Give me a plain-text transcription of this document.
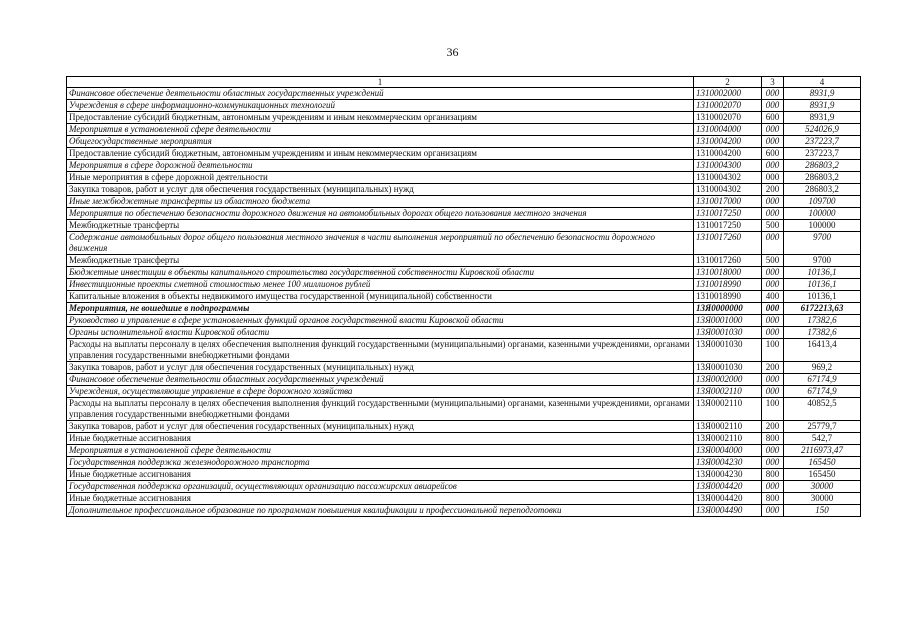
36
1	2	3	4
Финансовое обеспечение деятельности областных государственных учреждений	1310002000	000	8931,9
Учреждения в сфере информационно-коммуникационных технологий	1310002070	000	8931,9
Предоставление субсидий бюджетным, автономным учреждениям и иным некоммерческим организациям	1310002070	600	8931,9
Мероприятия в установленной сфере деятельности	1310004000	000	524026,9
Общегосударственные мероприятия	1310004200	000	237223,7
Предоставление субсидий бюджетным, автономным учреждениям и иным некоммерческим организациям	1310004200	600	237223,7
Мероприятия в сфере дорожной деятельности	1310004300	000	286803,2
Иные мероприятия в сфере дорожной деятельности	1310004302	000	286803,2
Закупка товаров, работ и услуг для обеспечения государственных (муниципальных) нужд	1310004302	200	286803,2
Иные межбюджетные трансферты из областного бюджета	1310017000	000	109700
Мероприятия по обеспечению безопасности дорожного движения на автомобильных дорогах общего пользования местного значения	1310017250	000	100000
Межбюджетные трансферты	1310017250	500	100000
Содержание автомобильных дорог общего пользования местного значения в части выполнения мероприятий по обеспечению безопасности дорожного движения	1310017260	000	9700
Межбюджетные трансферты	1310017260	500	9700
Бюджетные инвестиции в объекты капитального строительства государственной собственности Кировской области	1310018000	000	10136,1
Инвестиционные проекты сметной стоимостью менее 100 миллионов рублей	1310018990	000	10136,1
Капитальные вложения в объекты недвижимого имущества государственной (муниципальной) собственности	1310018990	400	10136,1
Мероприятия, не вошедшие в подпрограммы	13Я0000000	000	6172213,63
Руководство и управление в сфере установленных функций органов государственной власти Кировской области	13Я0001000	000	17382,6
Органы исполнительной власти Кировской области	13Я0001030	000	17382,6
Расходы на выплаты персоналу в целях обеспечения выполнения функций государственными (муниципальными) органами, казенными учреждениями, органами управления государственными внебюджетными фондами	13Я0001030	100	16413,4
Закупка товаров, работ и услуг для обеспечения государственных (муниципальных) нужд	13Я0001030	200	969,2
Финансовое обеспечение деятельности областных государственных учреждений	13Я0002000	000	67174,9
Учреждения, осуществляющие управление в сфере дорожного хозяйства	13Я0002110	000	67174,9
Расходы на выплаты персоналу в целях обеспечения выполнения функций государственными (муниципальными) органами, казенными учреждениями, органами управления государственными внебюджетными фондами	13Я0002110	100	40852,5
Закупка товаров, работ и услуг для обеспечения государственных (муниципальных) нужд	13Я0002110	200	25779,7
Иные бюджетные ассигнования	13Я0002110	800	542,7
Мероприятия в установленной сфере деятельности	13Я0004000	000	2116973,47
Государственная поддержка железнодорожного транспорта	13Я0004230	000	165450
Иные бюджетные ассигнования	13Я0004230	800	165450
Государственная поддержка организаций, осуществляющих организацию пассажирских авиарейсов	13Я0004420	000	30000
Иные бюджетные ассигнования	13Я0004420	800	30000
Дополнительное профессиональное образование по программам повышения квалификации и профессиональной переподготовки	13Я0004490	000	150
